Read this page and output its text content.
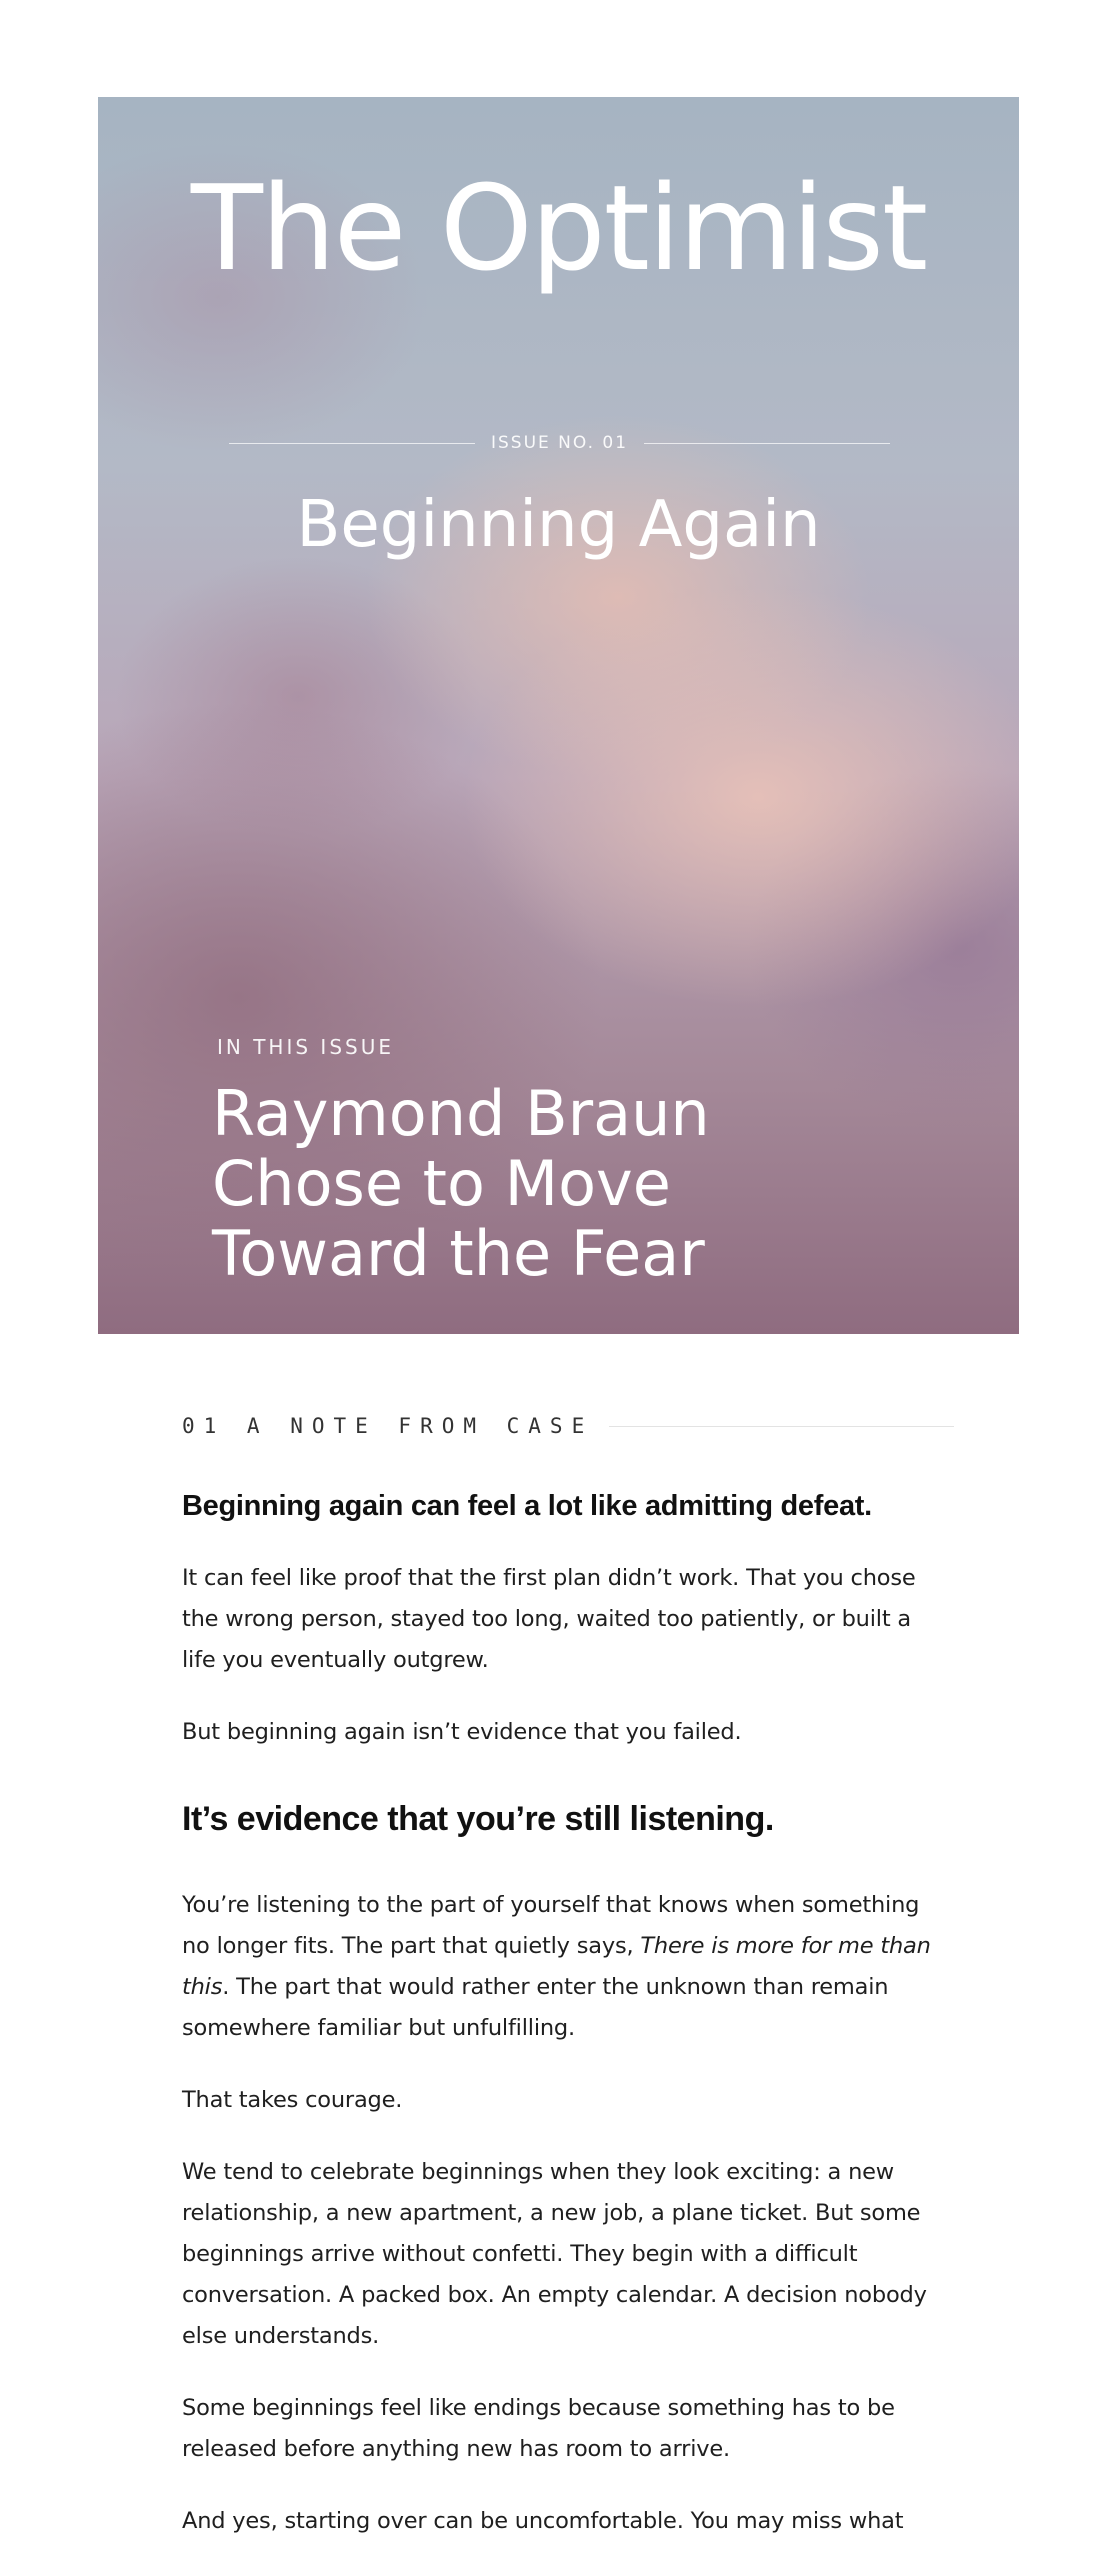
The Optimist
ISSUE NO. 01
Beginning Again
IN THIS ISSUE
Raymond Braun Chose to Move Toward the Fear
01 A NOTE FROM CASE
Beginning again can feel a lot like admitting defeat.

It can feel like proof that the first plan didn’t work. That you chose the wrong person, stayed too long, waited too patiently, or built a life you eventually outgrew.

But beginning again isn’t evidence that you failed.

It’s evidence that you’re still listening.

You’re listening to the part of yourself that knows when something no longer fits. The part that quietly says, There is more for me than this. The part that would rather enter the unknown than remain somewhere familiar but unfulfilling.

That takes courage.

We tend to celebrate beginnings when they look exciting: a new relationship, a new apartment, a new job, a plane ticket. But some beginnings arrive without confetti. They begin with a difficult conversation. A packed box. An empty calendar. A decision nobody else understands.

Some beginnings feel like endings because something has to be released before anything new has room to arrive.

And yes, starting over can be uncomfortable. You may miss what
